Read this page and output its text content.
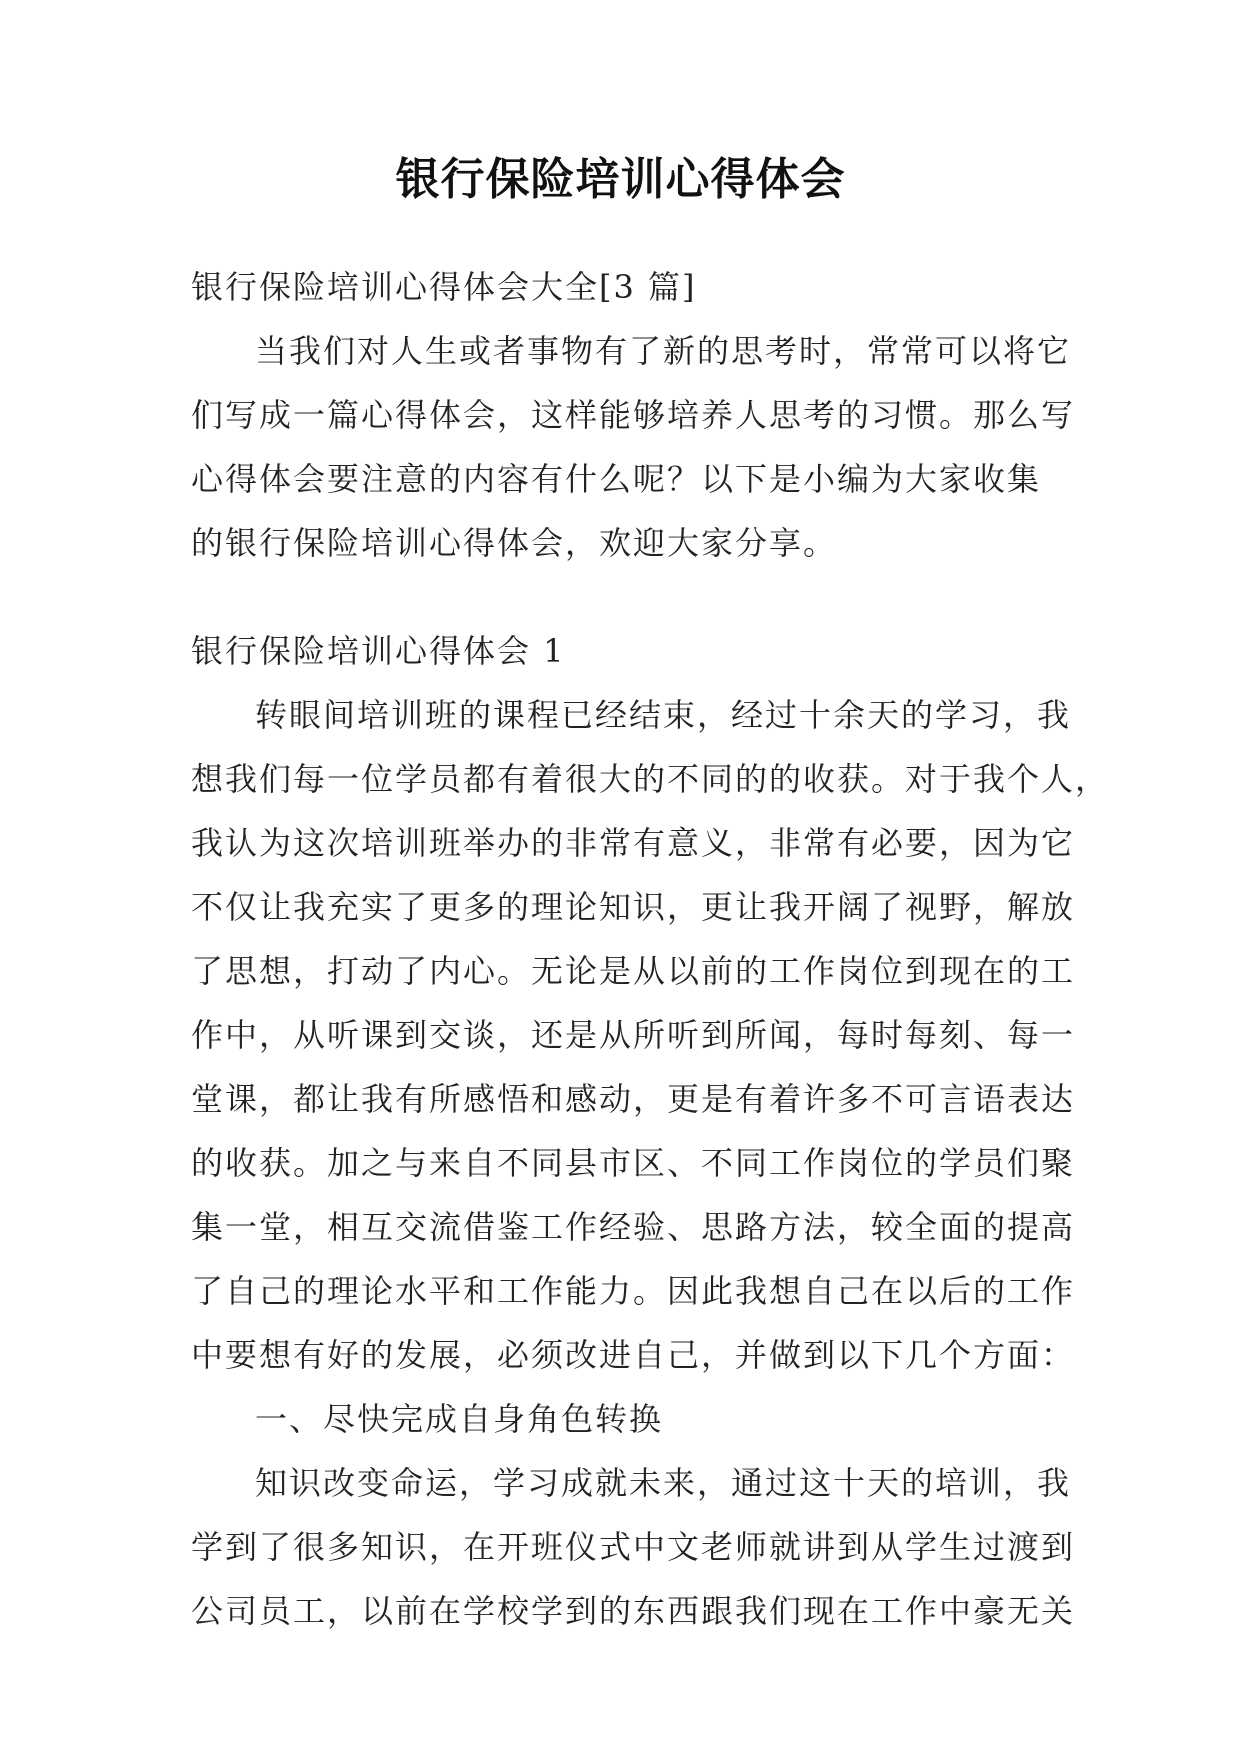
银行保险培训心得体会
银行保险培训心得体会大全[3 篇]
当我们对人生或者事物有了新的思考时，常常可以将它
们写成一篇心得体会，这样能够培养人思考的习惯。那么写
心得体会要注意的内容有什么呢？以下是小编为大家收集
的银行保险培训心得体会，欢迎大家分享。
银行保险培训心得体会 1
转眼间培训班的课程已经结束，经过十余天的学习，我
想我们每一位学员都有着很大的不同的的收获。对于我个人，
我认为这次培训班举办的非常有意义，非常有必要，因为它
不仅让我充实了更多的理论知识，更让我开阔了视野，解放
了思想，打动了内心。无论是从以前的工作岗位到现在的工
作中，从听课到交谈，还是从所听到所闻，每时每刻、每一
堂课，都让我有所感悟和感动，更是有着许多不可言语表达
的收获。加之与来自不同县市区、不同工作岗位的学员们聚
集一堂，相互交流借鉴工作经验、思路方法，较全面的提高
了自己的理论水平和工作能力。因此我想自己在以后的工作
中要想有好的发展，必须改进自己，并做到以下几个方面：
一、尽快完成自身角色转换
知识改变命运，学习成就未来，通过这十天的培训，我
学到了很多知识，在开班仪式中文老师就讲到从学生过渡到
公司员工，以前在学校学到的东西跟我们现在工作中豪无关
